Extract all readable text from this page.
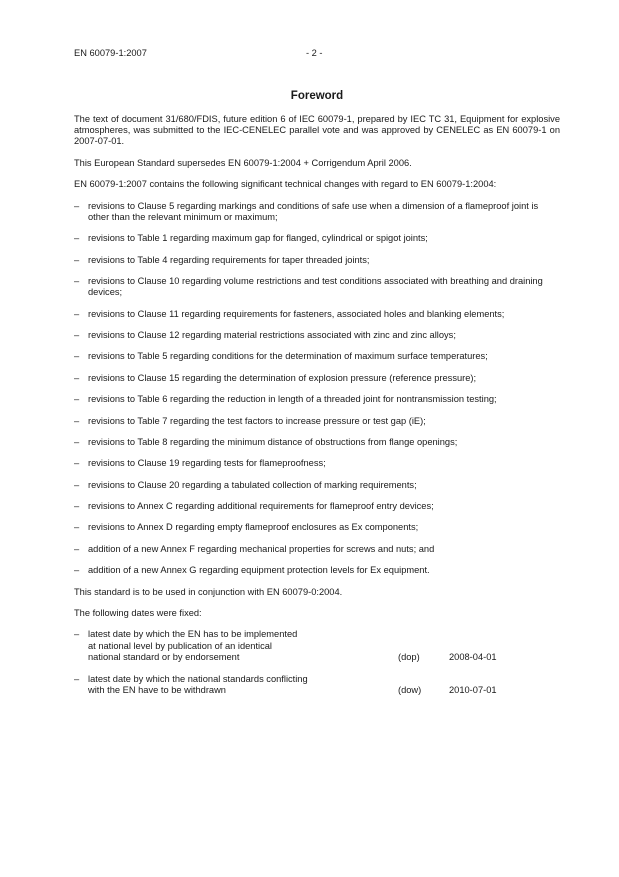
EN 60079-1:2007	- 2 -
Foreword

The text of document 31/680/FDIS, future edition 6 of IEC 60079-1, prepared by IEC TC 31, Equipment for explosive atmospheres, was submitted to the IEC-CENELEC parallel vote and was approved by CENELEC as EN 60079-1 on 2007-07-01.

This European Standard supersedes EN 60079-1:2004 + Corrigendum April 2006.

EN 60079-1:2007 contains the following significant technical changes with regard to EN 60079-1:2004:

– revisions to Clause 5 regarding markings and conditions of safe use when a dimension of a flameproof joint is other than the relevant minimum or maximum;
– revisions to Table 1 regarding maximum gap for flanged, cylindrical or spigot joints;
– revisions to Table 4 regarding requirements for taper threaded joints;
– revisions to Clause 10 regarding volume restrictions and test conditions associated with breathing and draining devices;
– revisions to Clause 11 regarding requirements for fasteners, associated holes and blanking elements;
– revisions to Clause 12 regarding material restrictions associated with zinc and zinc alloys;
– revisions to Table 5 regarding conditions for the determination of maximum surface temperatures;
– revisions to Clause 15 regarding the determination of explosion pressure (reference pressure);
– revisions to Table 6 regarding the reduction in length of a threaded joint for nontransmission testing;
– revisions to Table 7 regarding the test factors to increase pressure or test gap (iE);
– revisions to Table 8 regarding the minimum distance of obstructions from flange openings;
– revisions to Clause 19 regarding tests for flameproofness;
– revisions to Clause 20 regarding a tabulated collection of marking requirements;
– revisions to Annex C regarding additional requirements for flameproof entry devices;
– revisions to Annex D regarding empty flameproof enclosures as Ex components;
– addition of a new Annex F regarding mechanical properties for screws and nuts; and
– addition of a new Annex G regarding equipment protection levels for Ex equipment.

This standard is to be used in conjunction with EN 60079-0:2004.

The following dates were fixed:

– latest date by which the EN has to be implemented
at national level by publication of an identical
national standard or by endorsement	(dop)	2008-04-01
– latest date by which the national standards conflicting
with the EN have to be withdrawn	(dow)	2010-07-01
